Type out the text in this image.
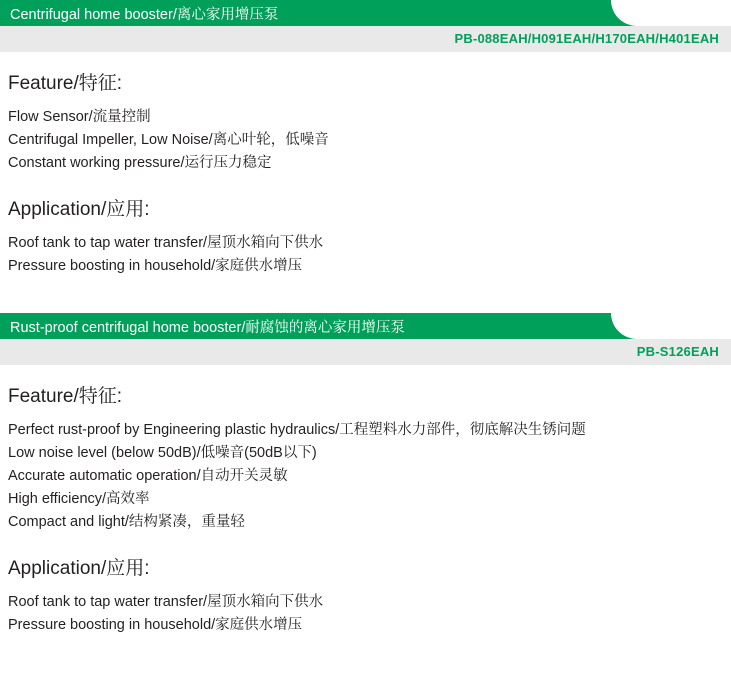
Centrifugal home booster/离心家用增压泵
PB-088EAH/H091EAH/H170EAH/H401EAH
Feature/特征:
Flow Sensor/流量控制
Centrifugal Impeller, Low Noise/离心叶轮，低噪音
Constant working pressure/运行压力稳定
Application/应用:
Roof tank to tap water transfer/屋顶水箱向下供水
Pressure boosting in household/家庭供水增压
Rust-proof centrifugal home booster/耐腐蚀的离心家用增压泵
PB-S126EAH
Feature/特征:
Perfect rust-proof by Engineering plastic hydraulics/工程塑料水力部件，彻底解决生锈问题
Low noise level (below 50dB)/低噪音(50dB以下)
Accurate automatic operation/自动开关灵敏
High efficiency/高效率
Compact and light/结构紧凑，重量轻
Application/应用:
Roof tank to tap water transfer/屋顶水箱向下供水
Pressure boosting in household/家庭供水增压
